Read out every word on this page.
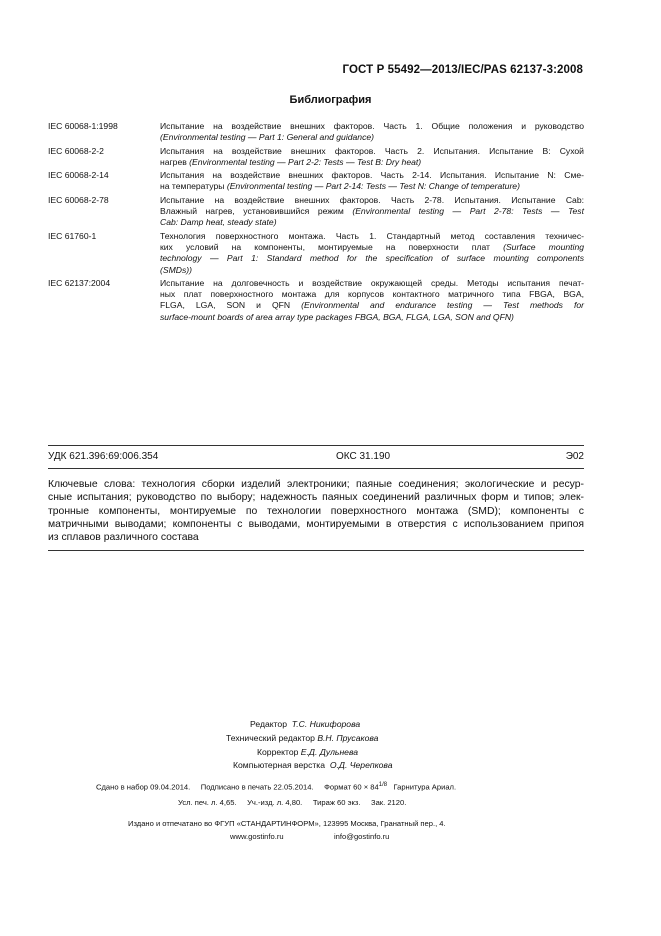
ГОСТ Р 55492—2013/IEC/PAS 62137-3:2008
Библиография
IEC 60068-1:1998	Испытание на воздействие внешних факторов. Часть 1. Общие положения и руководство
(Environmental testing — Part 1: General and guidance)
IEC 60068-2-2	Испытания на воздействие внешних факторов. Часть 2. Испытания. Испытание В: Сухой
нагрев (Environmental testing — Part 2-2: Tests — Test B: Dry heat)
IEC 60068-2-14	Испытания на воздействие внешних факторов. Часть 2-14. Испытания. Испытание N: Сме-
на температуры (Environmental testing — Part 2-14: Tests — Test N: Change of temperature)
IEC 60068-2-78	Испытание на воздействие внешних факторов. Часть 2-78. Испытания. Испытание Cab:
Влажный нагрев, установившийся режим (Environmental testing — Part 2-78: Tests — Test
Cab: Damp heat, steady state)
IEC 61760-1	Технология поверхностного монтажа. Часть 1. Стандартный метод составления техничес-
ких условий на компоненты, монтируемые на поверхности плат (Surface mounting
technology — Part 1: Standard method for the specification of surface mounting components
(SMDs))
IEC 62137:2004	Испытание на долговечность и воздействие окружающей среды. Методы испытания печат-
ных плат поверхностного монтажа для корпусов контактного матричного типа FBGA, BGA,
FLGA, LGA, SON и QFN (Environmental and endurance testing — Test methods for
surface-mount boards of area array type packages FBGA, BGA, FLGA, LGA, SON and QFN)
УДК 621.396:69:006.354	ОКС 31.190	Э02
Ключевые слова: технология сборки изделий электроники; паяные соединения; экологические и ресур-
сные испытания; руководство по выбору; надежность паяных соединений различных форм и типов; элек-
тронные компоненты, монтируемые по технологии поверхностного монтажа (SMD); компоненты с
матричными выводами; компоненты с выводами, монтируемыми в отверстия с использованием припоя
из сплавов различного состава
Редактор Т.С. Никифорова
Технический редактор В.Н. Прусакова
Корректор Е.Д. Дульнева
Компьютерная верстка О.Д. Черепкова
Сдано в набор 09.04.2014.     Подписано в печать 22.05.2014.     Формат $60 \times 84^{1/8}$   Гарнитура Ариал.
Усл. печ. л. 4,65.     Уч.-изд. л. 4,80.     Тираж 60 экз.     Зак. 2120.
Издано и отпечатано во ФГУП «СТАНДАРТИНФОРМ», 123995 Москва, Гранатный пер., 4.
www.gostinfo.ru	info@gostinfo.ru
